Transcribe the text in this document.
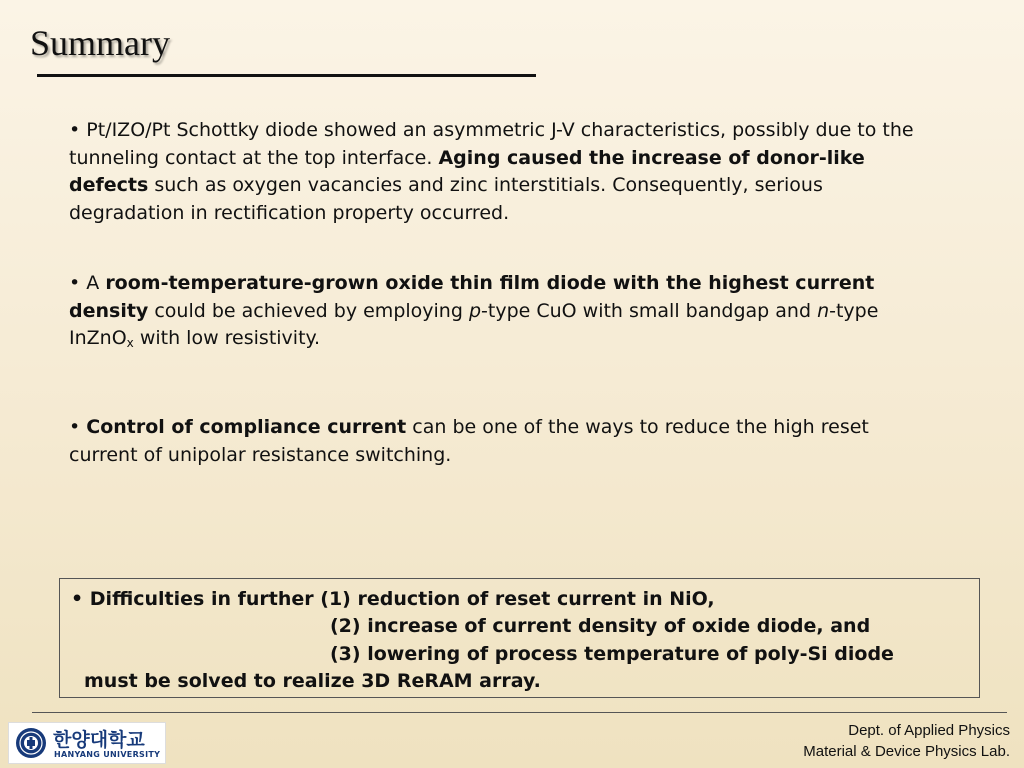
Summary

• Pt/IZO/Pt Schottky diode showed an asymmetric J-V characteristics, possibly due to the tunneling contact at the top interface. Aging caused the increase of donor-like defects such as oxygen vacancies and zinc interstitials. Consequently, serious degradation in rectification property occurred.

• A room-temperature-grown oxide thin film diode with the highest current density could be achieved by employing p-type CuO with small bandgap and n-type InZnO$_x$ with low resistivity.

• Control of compliance current can be one of the ways to reduce the high reset current of unipolar resistance switching.

• Difficulties in further (1) reduction of reset current in NiO,
(2) increase of current density of oxide diode, and
(3) lowering of process temperature of poly-Si diode
must be solved to realize 3D ReRAM array.
한양대학교
HANYANG UNIVERSITY
Dept. of Applied Physics
Material & Device Physics Lab.
